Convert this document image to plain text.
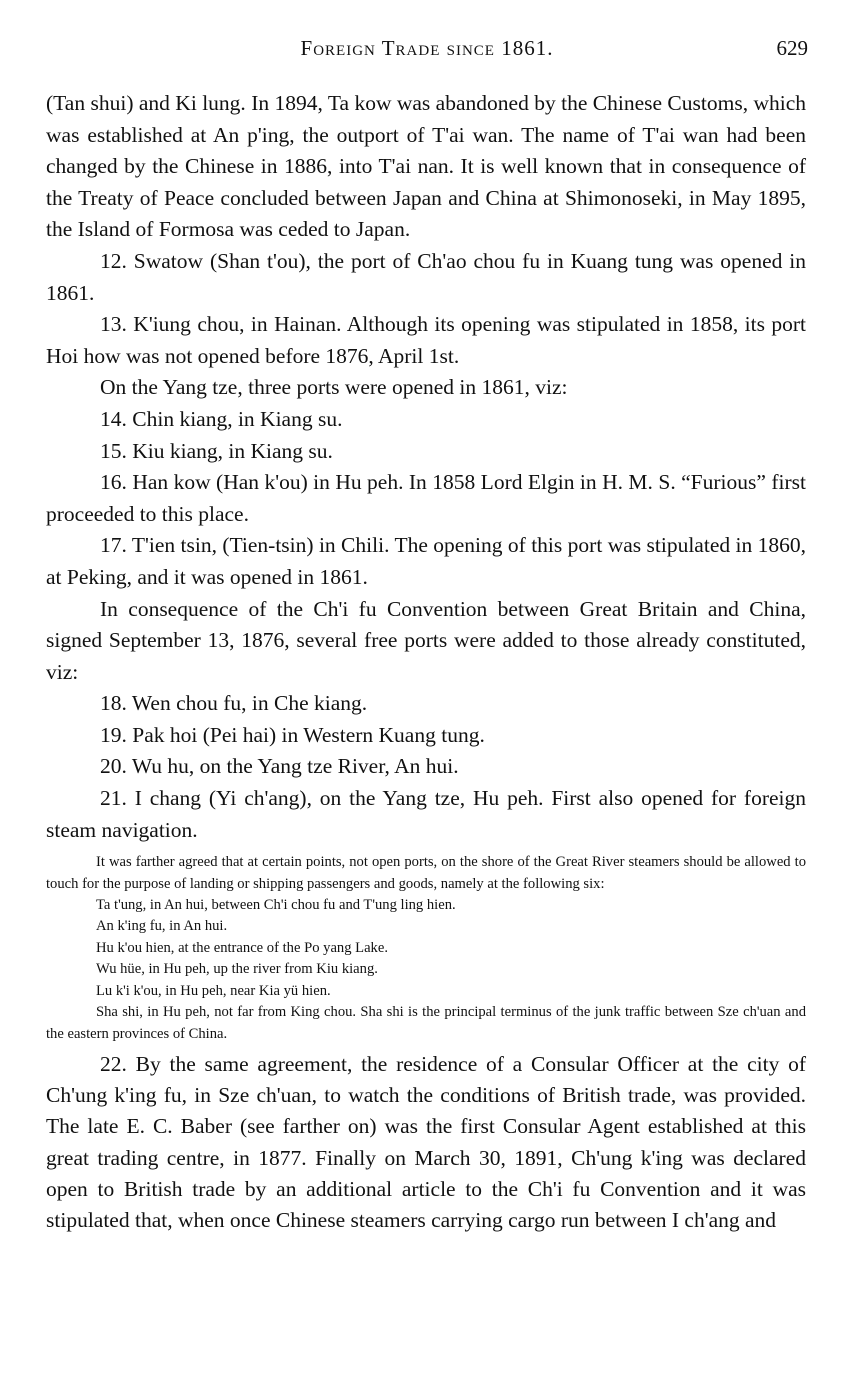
Foreign Trade since 1861.	629

(Tan shui) and Ki lung. In 1894, Ta kow was abandoned by the Chinese Customs, which was established at An p'ing, the outport of T'ai wan. The name of T'ai wan had been changed by the Chinese in 1886, into T'ai nan. It is well known that in consequence of the Treaty of Peace concluded between Japan and China at Shimonoseki, in May 1895, the Island of Formosa was ceded to Japan.

12. Swatow (Shan t'ou), the port of Ch'ao chou fu in Kuang tung was opened in 1861.

13. K'iung chou, in Hainan. Although its opening was stipulated in 1858, its port Hoi how was not opened before 1876, April 1st.

On the Yang tze, three ports were opened in 1861, viz:

14. Chin kiang, in Kiang su.

15. Kiu kiang, in Kiang su.

16. Han kow (Han k'ou) in Hu peh. In 1858 Lord Elgin in H. M. S. “Furious” first proceeded to this place.

17. T'ien tsin, (Tien-tsin) in Chili. The opening of this port was stipulated in 1860, at Peking, and it was opened in 1861.

In consequence of the Ch'i fu Convention between Great Britain and China, signed September 13, 1876, several free ports were added to those already constituted, viz:

18. Wen chou fu, in Che kiang.

19. Pak hoi (Pei hai) in Western Kuang tung.

20. Wu hu, on the Yang tze River, An hui.

21. I chang (Yi ch'ang), on the Yang tze, Hu peh. First also opened for foreign steam navigation.

It was farther agreed that at certain points, not open ports, on the shore of the Great River steamers should be allowed to touch for the purpose of landing or shipping passengers and goods, namely at the following six:

Ta t'ung, in An hui, between Ch'i chou fu and T'ung ling hien.

An k'ing fu, in An hui.

Hu k'ou hien, at the entrance of the Po yang Lake.

Wu hüe, in Hu peh, up the river from Kiu kiang.

Lu k'i k'ou, in Hu peh, near Kia yü hien.

Sha shi, in Hu peh, not far from King chou. Sha shi is the principal terminus of the junk traffic between Sze ch'uan and the eastern provinces of China.

22. By the same agreement, the residence of a Consular Officer at the city of Ch'ung k'ing fu, in Sze ch'uan, to watch the conditions of British trade, was provided. The late E. C. Baber (see farther on) was the first Consular Agent established at this great trading centre, in 1877. Finally on March 30, 1891, Ch'ung k'ing was declared open to British trade by an additional article to the Ch'i fu Convention and it was stipulated that, when once Chinese steamers carrying cargo run between I ch'ang and
